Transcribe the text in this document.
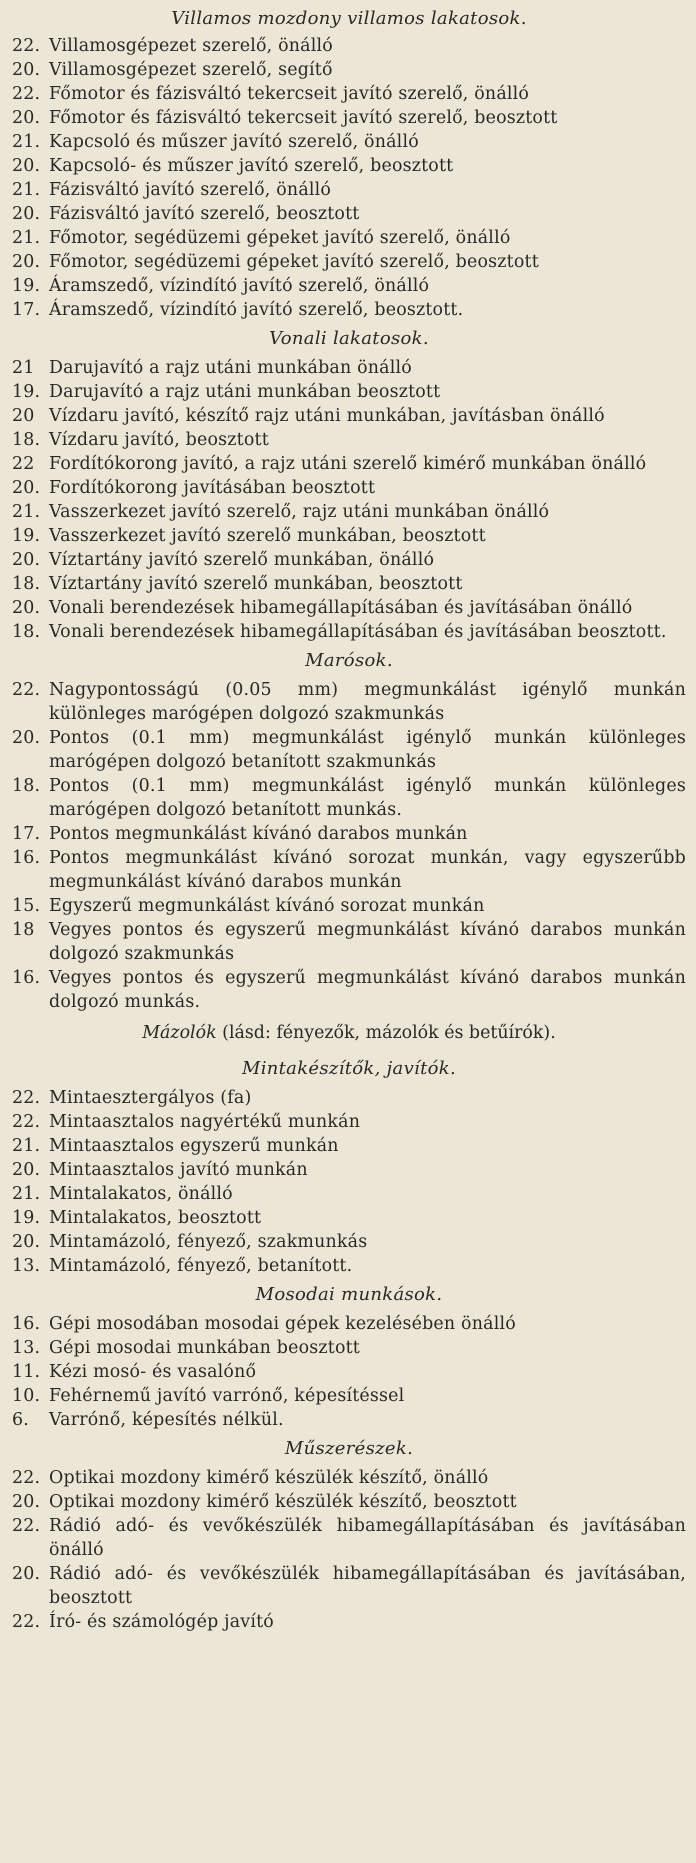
Villamos mozdony villamos lakatosok.
22. Villamosgépezet szerelő, önálló
20. Villamosgépezet szerelő, segítő
22. Főmotor és fázisváltó tekercseit javító szerelő, önálló
20. Főmotor és fázisváltó tekercseit javító szerelő, beosztott
21. Kapcsoló és műszer javító szerelő, önálló
20. Kapcsoló- és műszer javító szerelő, beosztott
21. Fázisváltó javító szerelő, önálló
20. Fázisváltó javító szerelő, beosztott
21. Főmotor, segédüzemi gépeket javító szerelő, önálló
20. Főmotor, segédüzemi gépeket javító szerelő, beosztott
19. Áramszedő, vízindító javító szerelő, önálló
17. Áramszedő, vízindító javító szerelő, beosztott.
Vonali lakatosok.
21 Darujavító a rajz utáni munkában önálló
19. Darujavító a rajz utáni munkában beosztott
20 Vízdaru javító, készítő rajz utáni munkában, javításban önálló
18. Vízdaru javító, beosztott
22 Fordítókorong javító, a rajz utáni szerelő kimérő munkában önálló
20. Fordítókorong javításában beosztott
21. Vasszerkezet javító szerelő, rajz utáni munkában önálló
19. Vasszerkezet javító szerelő munkában, beosztott
20. Víztartány javító szerelő munkában, önálló
18. Víztartány javító szerelő munkában, beosztott
20. Vonali berendezések hibamegállapításában és javításában önálló
18. Vonali berendezések hibamegállapításában és javításában beosztott.
Marósok.
22. Nagypontosságú (0.05 mm) megmunkálást igénylő munkán különleges marógépen dolgozó szakmunkás
20. Pontos (0.1 mm) megmunkálást igénylő munkán különleges marógépen dolgozó betanított szakmunkás
18. Pontos (0.1 mm) megmunkálást igénylő munkán különleges marógépen dolgozó betanított munkás.
17. Pontos megmunkálást kívánó darabos munkán
16. Pontos megmunkálást kívánó sorozat munkán, vagy egyszerűbb megmunkálást kívánó darabos munkán
15. Egyszerű megmunkálást kívánó sorozat munkán
18 Vegyes pontos és egyszerű megmunkálást kívánó darabos munkán dolgozó szakmunkás
16. Vegyes pontos és egyszerű megmunkálást kívánó darabos munkán dolgozó munkás.
Mázolók (lásd: fényezők, mázolók és betűírók).
Mintakészítők, javítók.
22. Mintaesztergályos (fa)
22. Mintaasztalos nagyértékű munkán
21. Mintaasztalos egyszerű munkán
20. Mintaasztalos javító munkán
21. Mintalakatos, önálló
19. Mintalakatos, beosztott
20. Mintamázoló, fényező, szakmunkás
13. Mintamázoló, fényező, betanított.
Mosodai munkások.
16. Gépi mosodában mosodai gépek kezelésében önálló
13. Gépi mosodai munkában beosztott
11. Kézi mosó- és vasalónő
10. Fehérnemű javító varrónő, képesítéssel
6.	Varrónő, képesítés nélkül.
Műszerészek.
22. Optikai mozdony kimérő készülék készítő, önálló
20. Optikai mozdony kimérő készülék készítő, beosztott
22. Rádió adó- és vevőkészülék hibamegállapításában és javításában önálló
20. Rádió adó- és vevőkészülék hibamegállapításában és javításában, beosztott
22. Író- és számológép javító
